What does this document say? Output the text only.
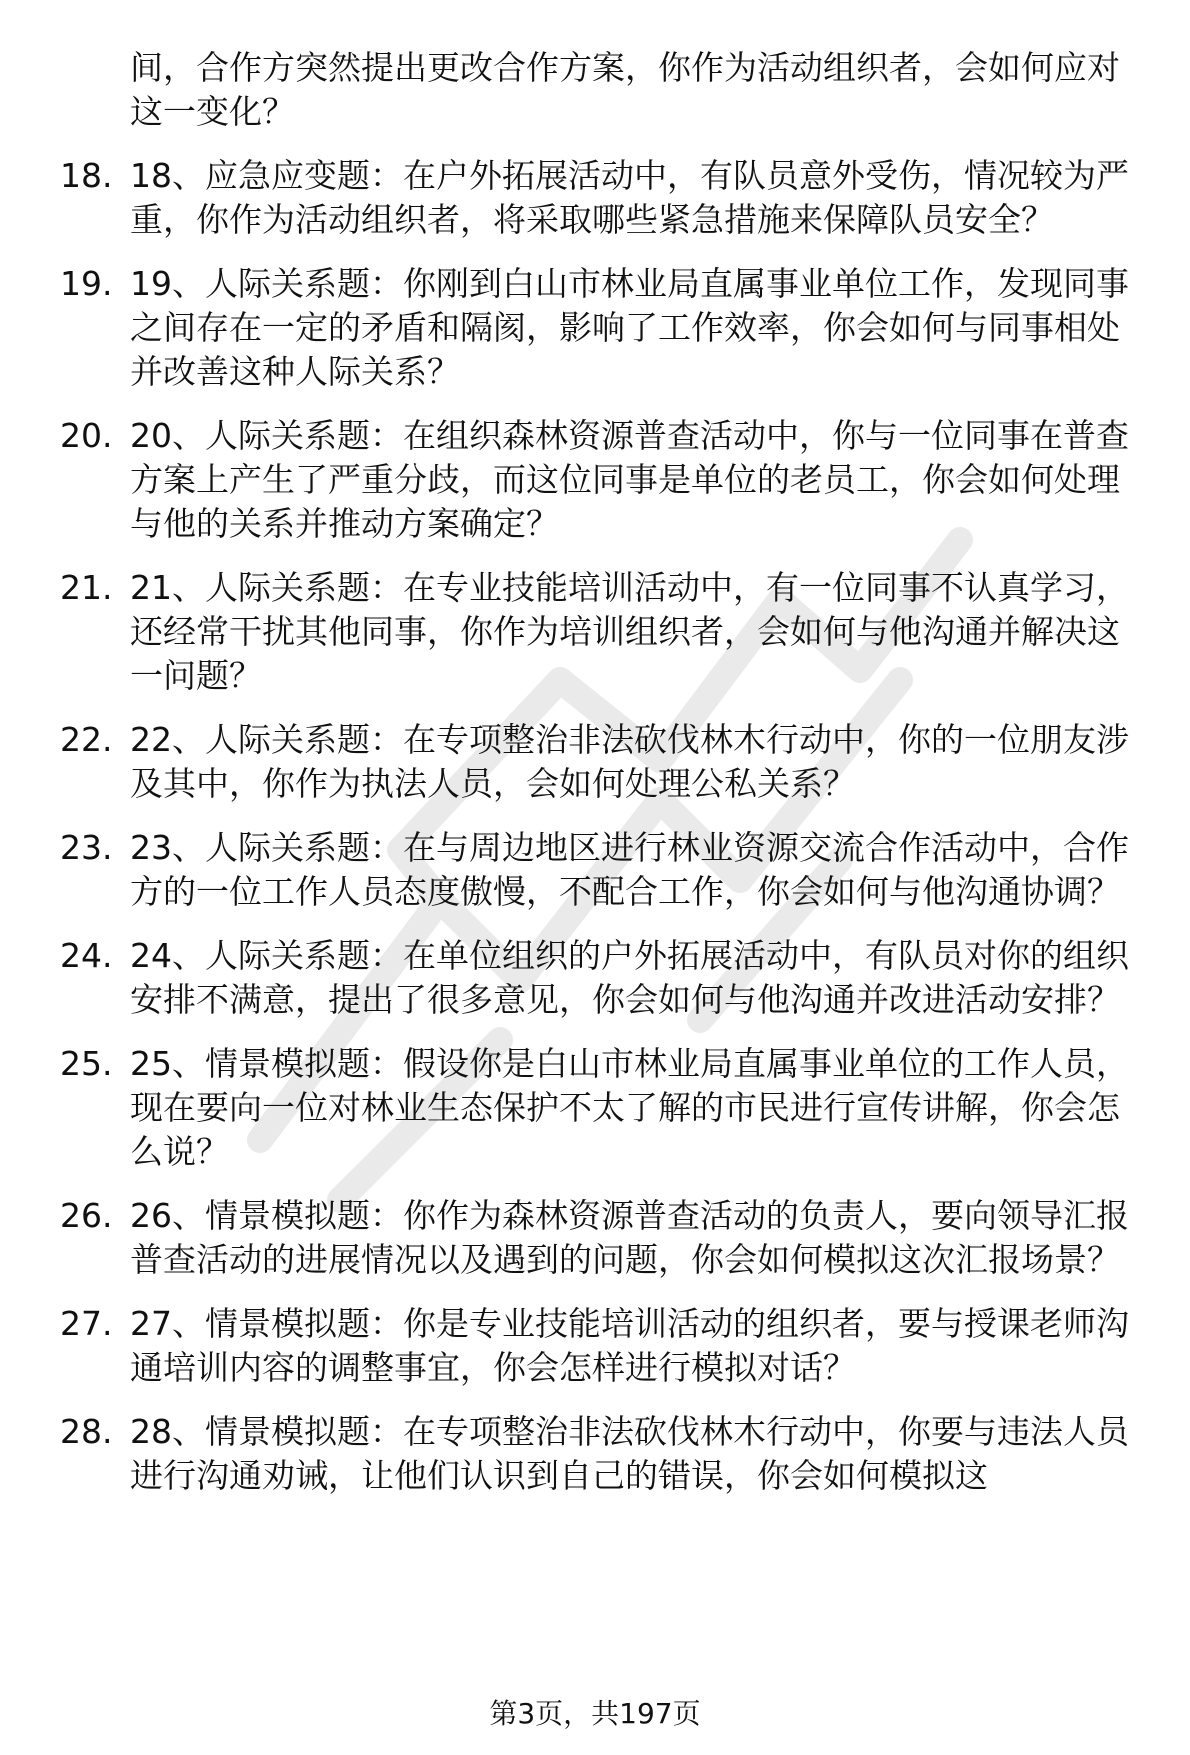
间，合作方突然提出更改合作方案，你作为活动组织者，会如何应对这一变化？
18. 18、应急应变题：在户外拓展活动中，有队员意外受伤，情况较为严重，你作为活动组织者，将采取哪些紧急措施来保障队员安全？
19. 19、人际关系题：你刚到白山市林业局直属事业单位工作，发现同事之间存在一定的矛盾和隔阂，影响了工作效率，你会如何与同事相处并改善这种人际关系？
20. 20、人际关系题：在组织森林资源普查活动中，你与一位同事在普查方案上产生了严重分歧，而这位同事是单位的老员工，你会如何处理与他的关系并推动方案确定？
21. 21、人际关系题：在专业技能培训活动中，有一位同事不认真学习，还经常干扰其他同事，你作为培训组织者，会如何与他沟通并解决这一问题？
22. 22、人际关系题：在专项整治非法砍伐林木行动中，你的一位朋友涉及其中，你作为执法人员，会如何处理公私关系？
23. 23、人际关系题：在与周边地区进行林业资源交流合作活动中，合作方的一位工作人员态度傲慢，不配合工作，你会如何与他沟通协调？
24. 24、人际关系题：在单位组织的户外拓展活动中，有队员对你的组织安排不满意，提出了很多意见，你会如何与他沟通并改进活动安排？
25. 25、情景模拟题：假设你是白山市林业局直属事业单位的工作人员，现在要向一位对林业生态保护不太了解的市民进行宣传讲解，你会怎么说？
26. 26、情景模拟题：你作为森林资源普查活动的负责人，要向领导汇报普查活动的进展情况以及遇到的问题，你会如何模拟这次汇报场景？
27. 27、情景模拟题：你是专业技能培训活动的组织者，要与授课老师沟通培训内容的调整事宜，你会怎样进行模拟对话？
28. 28、情景模拟题：在专项整治非法砍伐林木行动中，你要与违法人员进行沟通劝诫，让他们认识到自己的错误，你会如何模拟这
第3页，共197页
